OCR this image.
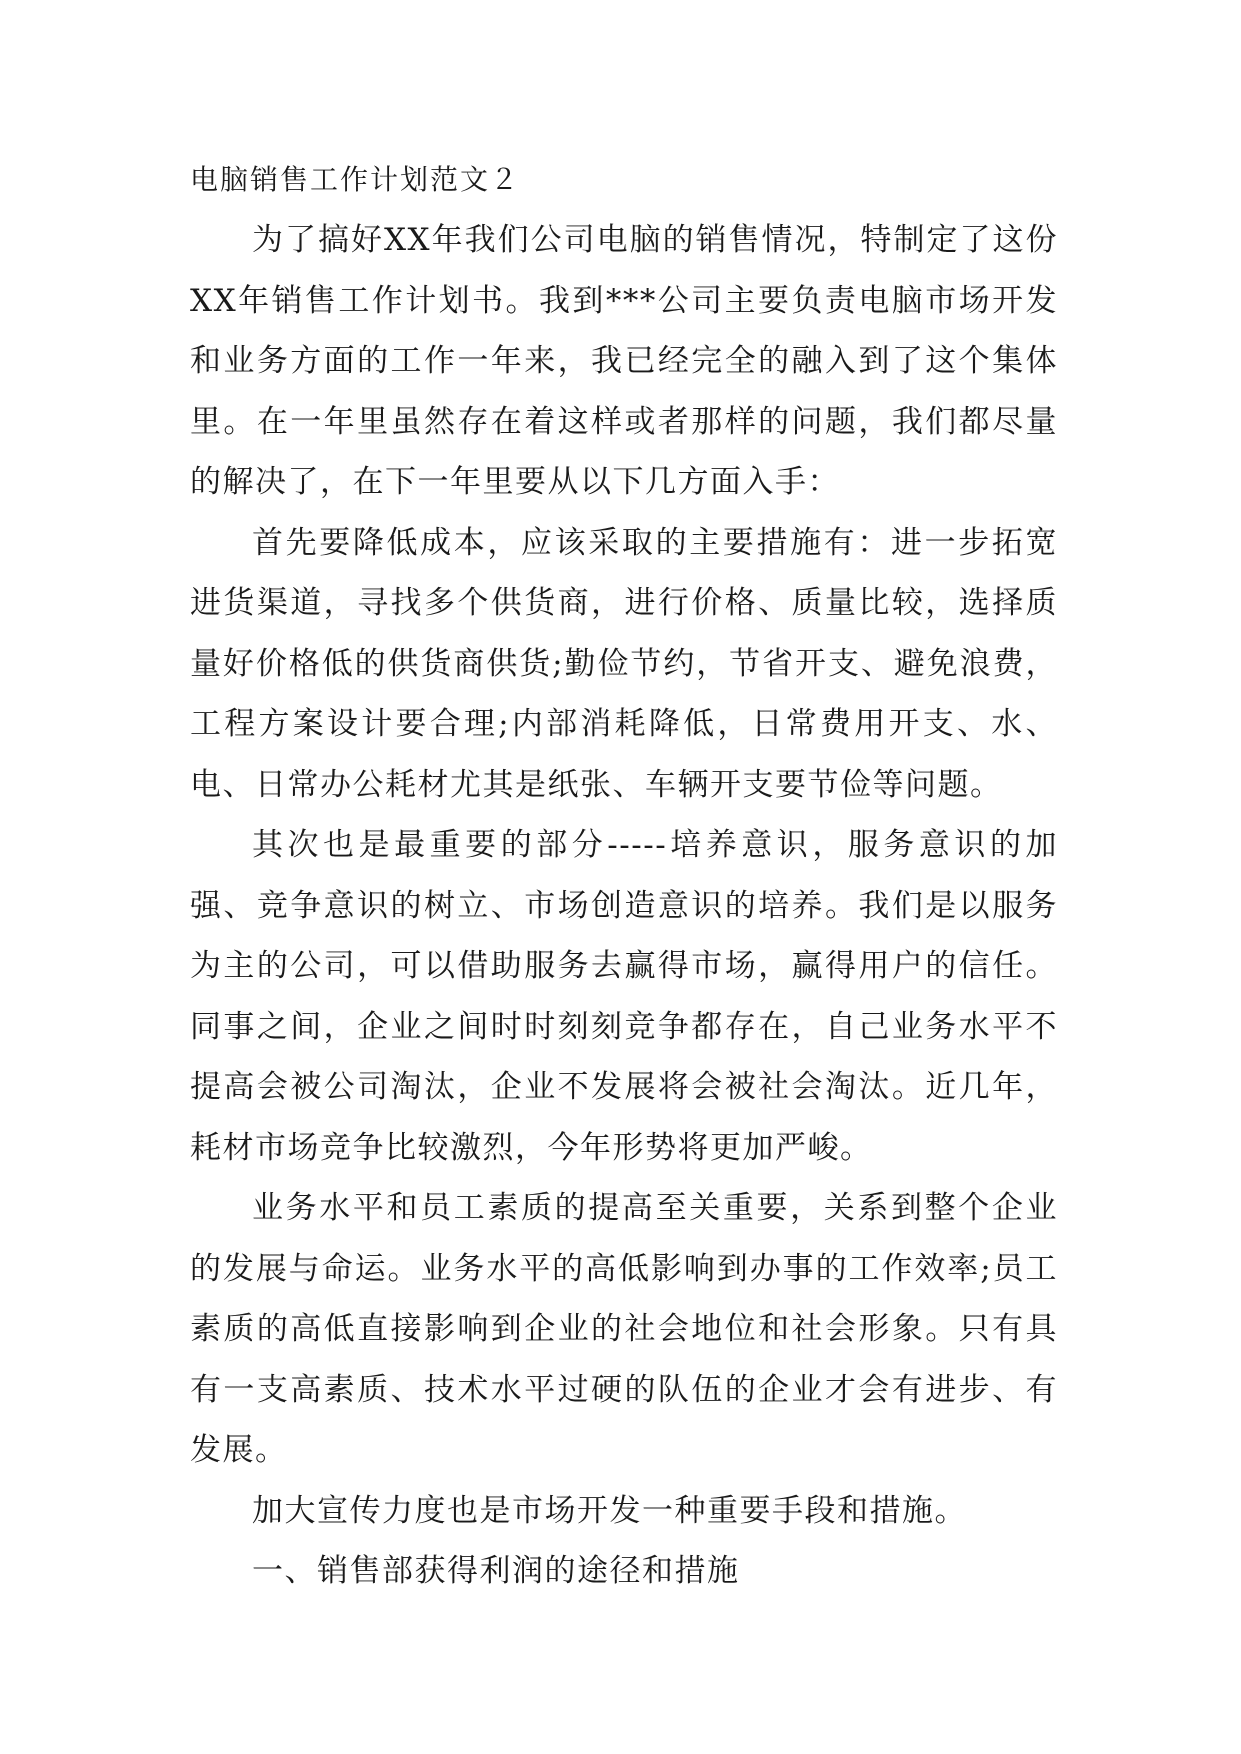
电脑销售工作计划范文２

为了搞好XX年我们公司电脑的销售情况，特制定了这份XX年销售工作计划书。我到***公司主要负责电脑市场开发和业务方面的工作一年来，我已经完全的融入到了这个集体里。在一年里虽然存在着这样或者那样的问题，我们都尽量的解决了，在下一年里要从以下几方面入手：

首先要降低成本，应该采取的主要措施有：进一步拓宽进货渠道，寻找多个供货商，进行价格、质量比较，选择质量好价格低的供货商供货;勤俭节约，节省开支、避免浪费，工程方案设计要合理;内部消耗降低，日常费用开支、水、电、日常办公耗材尤其是纸张、车辆开支要节俭等问题。

其次也是最重要的部分-----培养意识，服务意识的加强、竞争意识的树立、市场创造意识的培养。我们是以服务为主的公司，可以借助服务去赢得市场，赢得用户的信任。同事之间，企业之间时时刻刻竞争都存在，自己业务水平不提高会被公司淘汰，企业不发展将会被社会淘汰。近几年，耗材市场竞争比较激烈，今年形势将更加严峻。

业务水平和员工素质的提高至关重要，关系到整个企业的发展与命运。业务水平的高低影响到办事的工作效率;员工素质的高低直接影响到企业的社会地位和社会形象。只有具有一支高素质、技术水平过硬的队伍的企业才会有进步、有发展。

加大宣传力度也是市场开发一种重要手段和措施。

一、销售部获得利润的途径和措施
